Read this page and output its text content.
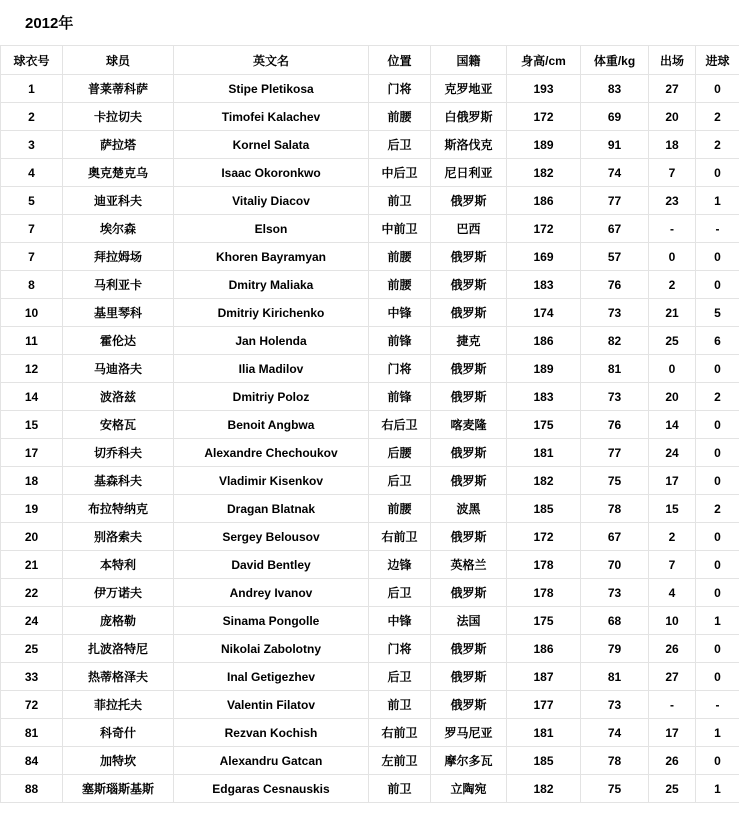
2012年
球衣号	球员	英文名	位置	国籍	身高/cm	体重/kg	出场	进球
1	普莱蒂科萨	Stipe Pletikosa	门将	克罗地亚	193	83	27	0
2	卡拉切夫	Timofei Kalachev	前腰	白俄罗斯	172	69	20	2
3	萨拉塔	Kornel Salata	后卫	斯洛伐克	189	91	18	2
4	奥克楚克乌	Isaac Okoronkwo	中后卫	尼日利亚	182	74	7	0
5	迪亚科夫	Vitaliy Diacov	前卫	俄罗斯	186	77	23	1
7	埃尔森	Elson	中前卫	巴西	172	67	-	-
7	拜拉姆场	Khoren Bayramyan	前腰	俄罗斯	169	57	0	0
8	马利亚卡	Dmitry Maliaka	前腰	俄罗斯	183	76	2	0
10	基里琴科	Dmitriy Kirichenko	中锋	俄罗斯	174	73	21	5
11	霍伦达	Jan Holenda	前锋	捷克	186	82	25	6
12	马迪洛夫	Ilia Madilov	门将	俄罗斯	189	81	0	0
14	波洛兹	Dmitriy Poloz	前锋	俄罗斯	183	73	20	2
15	安格瓦	Benoit Angbwa	右后卫	喀麦隆	175	76	14	0
17	切乔科夫	Alexandre Chechoukov	后腰	俄罗斯	181	77	24	0
18	基森科夫	Vladimir Kisenkov	后卫	俄罗斯	182	75	17	0
19	布拉特纳克	Dragan Blatnak	前腰	波黑	185	78	15	2
20	别洛索夫	Sergey Belousov	右前卫	俄罗斯	172	67	2	0
21	本特利	David Bentley	边锋	英格兰	178	70	7	0
22	伊万诺夫	Andrey Ivanov	后卫	俄罗斯	178	73	4	0
24	庞格勒	Sinama Pongolle	中锋	法国	175	68	10	1
25	扎波洛特尼	Nikolai Zabolotny	门将	俄罗斯	186	79	26	0
33	热蒂格泽夫	Inal Getigezhev	后卫	俄罗斯	187	81	27	0
72	菲拉托夫	Valentin Filatov	前卫	俄罗斯	177	73	-	-
81	科奇什	Rezvan Kochish	右前卫	罗马尼亚	181	74	17	1
84	加特坎	Alexandru Gatcan	左前卫	摩尔多瓦	185	78	26	0
88	塞斯瑙斯基斯	Edgaras Cesnauskis	前卫	立陶宛	182	75	25	1
